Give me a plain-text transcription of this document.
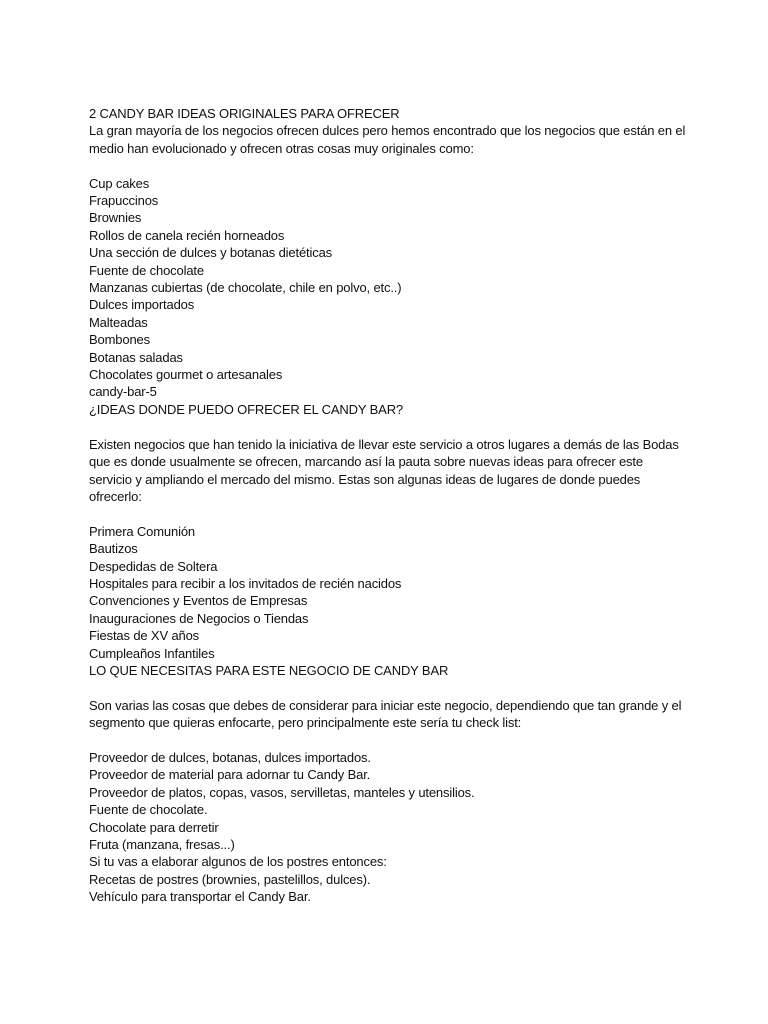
2 CANDY BAR IDEAS ORIGINALES PARA OFRECER
La gran mayoría de los negocios ofrecen dulces pero hemos encontrado que los negocios que están en el
medio han evolucionado y ofrecen otras cosas muy originales como:
Cup cakes
Frapuccinos
Brownies
Rollos de canela recién horneados
Una sección de dulces y botanas dietéticas
Fuente de chocolate
Manzanas cubiertas (de chocolate, chile en polvo, etc..)
Dulces importados
Malteadas
Bombones
Botanas saladas
Chocolates gourmet o artesanales
candy-bar-5
¿IDEAS DONDE PUEDO OFRECER EL CANDY BAR?
Existen negocios que han tenido la iniciativa de llevar este servicio a otros lugares a demás de las Bodas
que es donde usualmente se ofrecen, marcando así la pauta sobre nuevas ideas para ofrecer este
servicio y ampliando el mercado del mismo. Estas son algunas ideas de lugares de donde puedes
ofrecerlo:
Primera Comunión
Bautizos
Despedidas de Soltera
Hospitales para recibir a los invitados de recién nacidos
Convenciones y Eventos de Empresas
Inauguraciones de Negocios o Tiendas
Fiestas de XV años
Cumpleaños Infantiles
LO QUE NECESITAS PARA ESTE NEGOCIO DE CANDY BAR
Son varias las cosas que debes de considerar para iniciar este negocio, dependiendo que tan grande y el
segmento que quieras enfocarte, pero principalmente este sería tu check list:
Proveedor de dulces, botanas, dulces importados.
Proveedor de material para adornar tu Candy Bar.
Proveedor de platos, copas, vasos, servilletas, manteles y utensilios.
Fuente de chocolate.
Chocolate para derretir
Fruta (manzana, fresas...)
Si tu vas a elaborar algunos de los postres entonces:
Recetas de postres (brownies, pastelillos, dulces).
Vehículo para transportar el Candy Bar.
